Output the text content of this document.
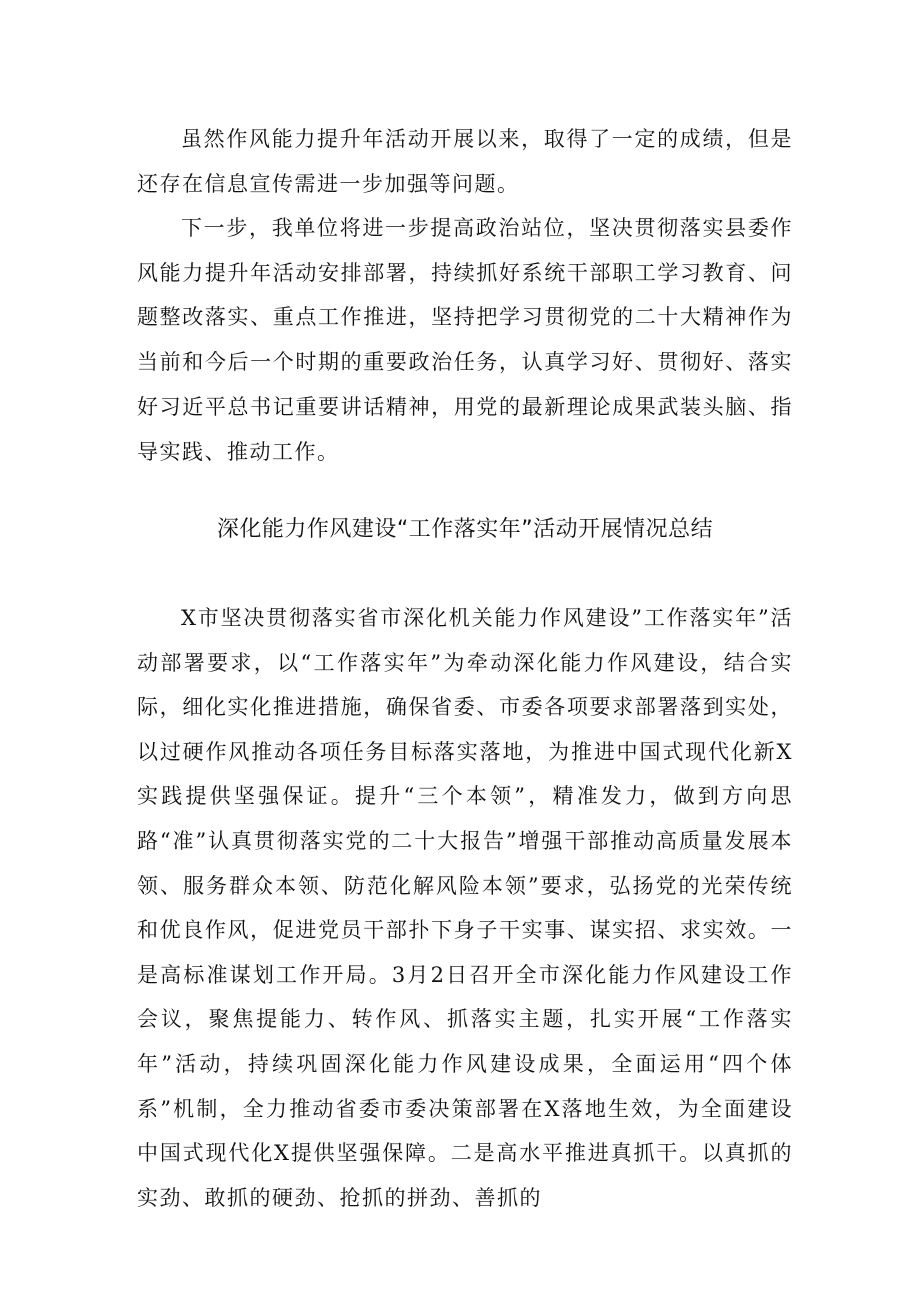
虽然作风能力提升年活动开展以来，取得了一定的成绩，但是还存在信息宣传需进一步加强等问题。

下一步，我单位将进一步提高政治站位，坚决贯彻落实县委作风能力提升年活动安排部署，持续抓好系统干部职工学习教育、问题整改落实、重点工作推进，坚持把学习贯彻党的二十大精神作为当前和今后一个时期的重要政治任务，认真学习好、贯彻好、落实好习近平总书记重要讲话精神，用党的最新理论成果武装头脑、指导实践、推动工作。

深化能力作风建设“工作落实年”活动开展情况总结

X市坚决贯彻落实省市深化机关能力作风建设”工作落实年”活动部署要求，以“工作落实年”为牵动深化能力作风建设，结合实际，细化实化推进措施，确保省委、市委各项要求部署落到实处，以过硬作风推动各项任务目标落实落地，为推进中国式现代化新X实践提供坚强保证。提升“三个本领”，精准发力，做到方向思路“准”认真贯彻落实党的二十大报告”增强干部推动高质量发展本领、服务群众本领、防范化解风险本领”要求，弘扬党的光荣传统和优良作风，促进党员干部扑下身子干实事、谋实招、求实效。一是高标准谋划工作开局。3月2日召开全市深化能力作风建设工作会议，聚焦提能力、转作风、抓落实主题，扎实开展“工作落实年”活动，持续巩固深化能力作风建设成果，全面运用“四个体系”机制，全力推动省委市委决策部署在X落地生效，为全面建设中国式现代化X提供坚强保障。二是高水平推进真抓干。以真抓的实劲、敢抓的硬劲、抢抓的拼劲、善抓的
